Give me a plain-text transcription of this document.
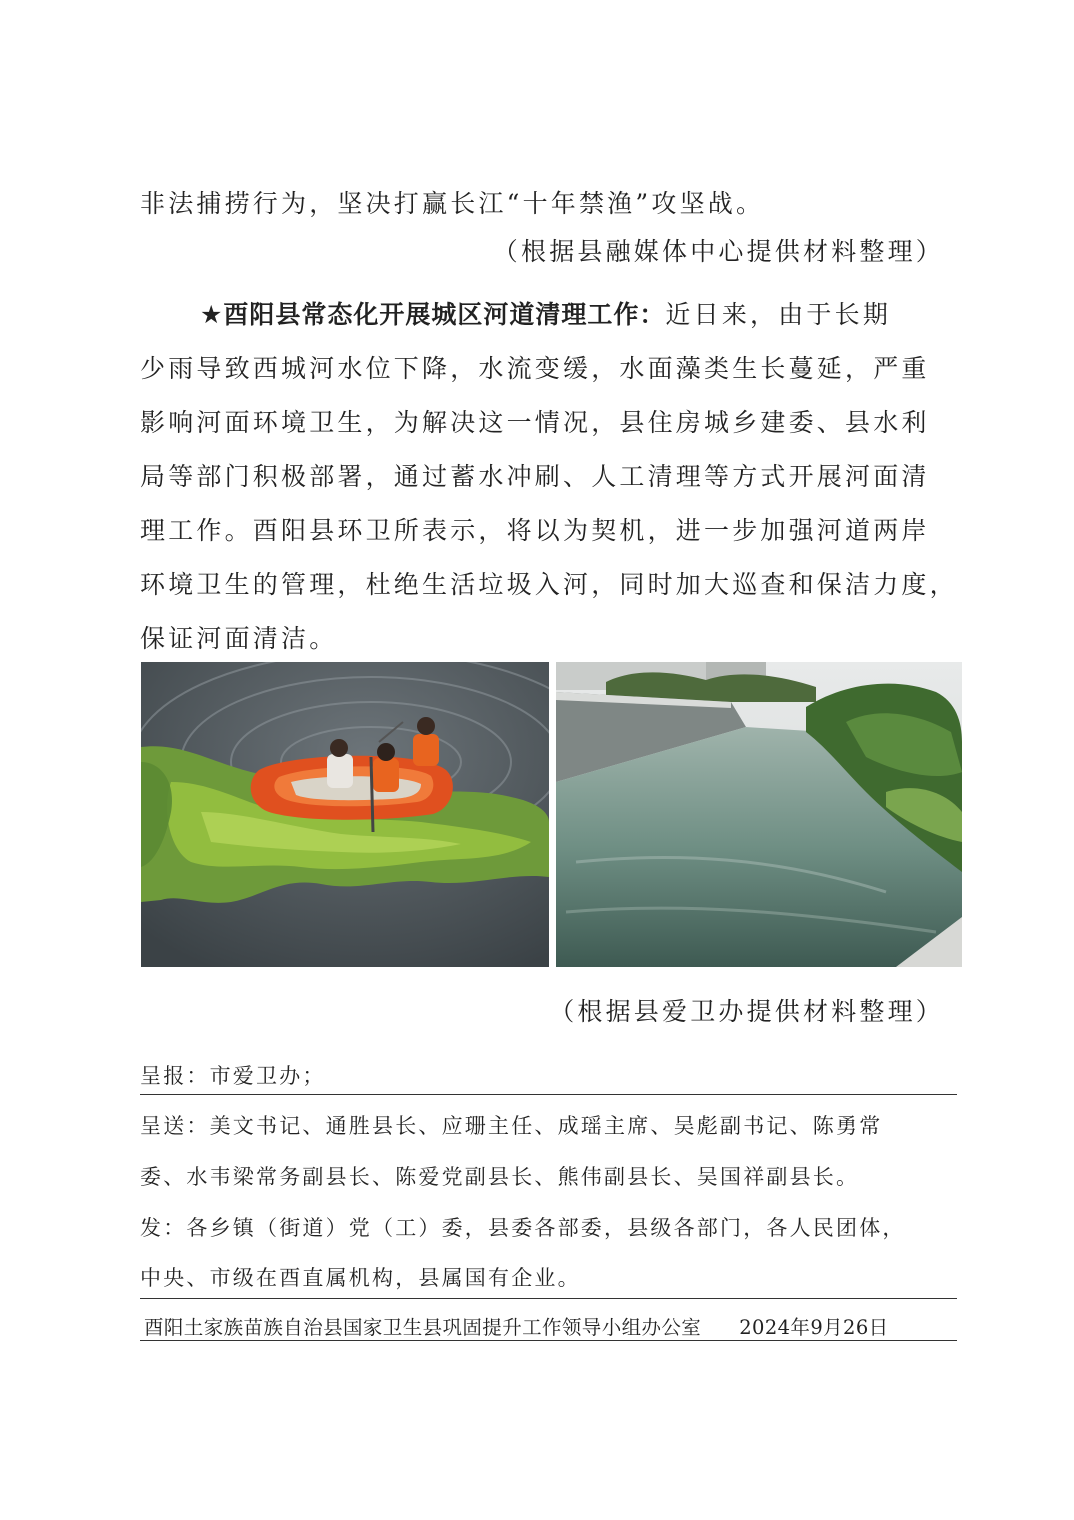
非法捕捞行为，坚决打赢长江“十年禁渔”攻坚战。
（根据县融媒体中心提供材料整理）
★酉阳县常态化开展城区河道清理工作：近日来，由于长期
少雨导致西城河水位下降，水流变缓，水面藻类生长蔓延，严重
影响河面环境卫生，为解决这一情况，县住房城乡建委、县水利
局等部门积极部署，通过蓄水冲刷、人工清理等方式开展河面清
理工作。酉阳县环卫所表示，将以为契机，进一步加强河道两岸
环境卫生的管理，杜绝生活垃圾入河，同时加大巡查和保洁力度，
保证河面清洁。
（根据县爱卫办提供材料整理）
呈报：市爱卫办；
呈送：美文书记、通胜县长、应珊主任、成瑶主席、吴彪副书记、陈勇常
委、水韦梁常务副县长、陈爱党副县长、熊伟副县长、吴国祥副县长。
发：各乡镇（街道）党（工）委，县委各部委，县级各部门，各人民团体，
中央、市级在酉直属机构，县属国有企业。
酉阳土家族苗族自治县国家卫生县巩固提升工作领导小组办公室 2024年9月26日
